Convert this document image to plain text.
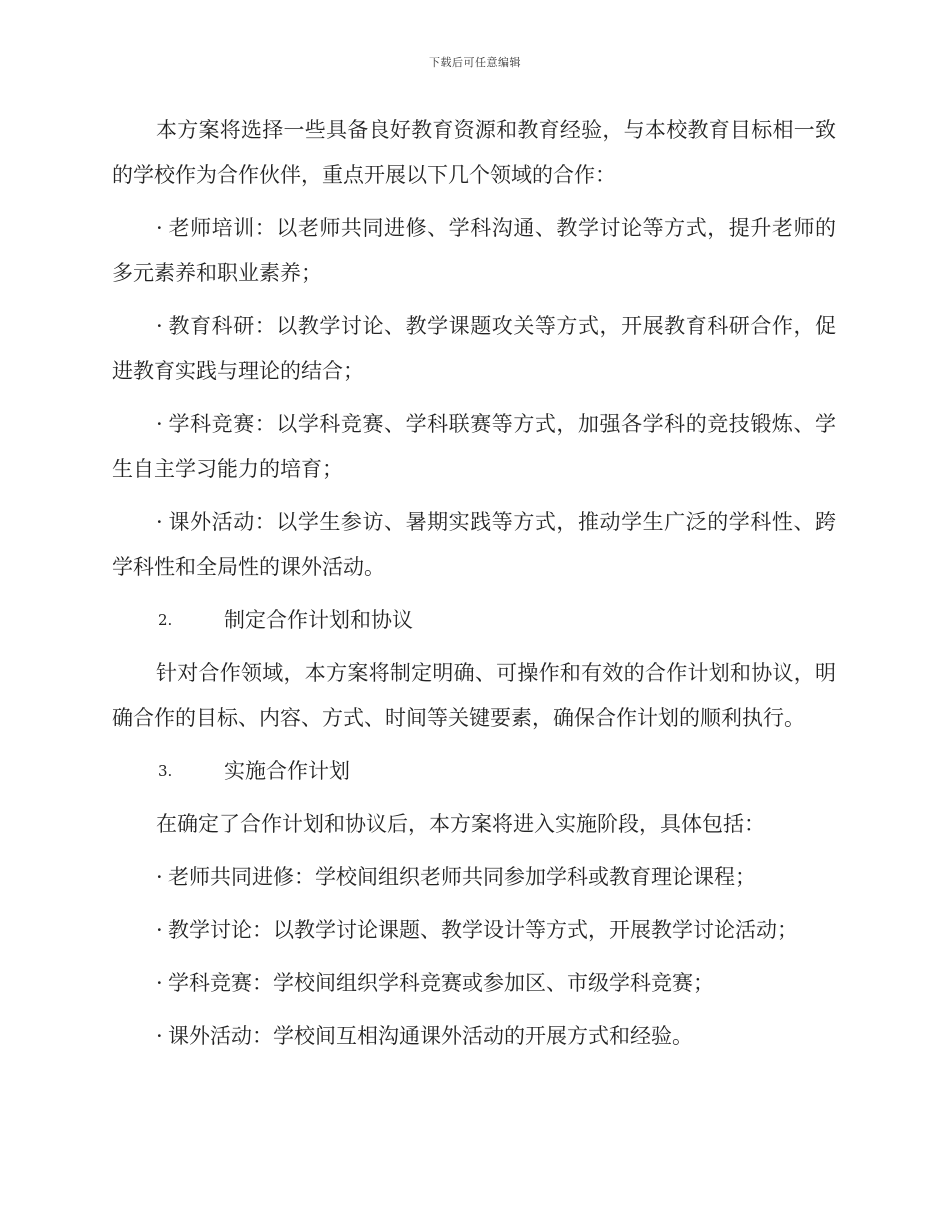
下载后可任意编辑

本方案将选择一些具备良好教育资源和教育经验，与本校教育目标相一致的学校作为合作伙伴，重点开展以下几个领域的合作：

· 老师培训：以老师共同进修、学科沟通、教学讨论等方式，提升老师的多元素养和职业素养；

· 教育科研：以教学讨论、教学课题攻关等方式，开展教育科研合作，促进教育实践与理论的结合；

· 学科竞赛：以学科竞赛、学科联赛等方式，加强各学科的竞技锻炼、学生自主学习能力的培育；

· 课外活动：以学生参访、暑期实践等方式，推动学生广泛的学科性、跨学科性和全局性的课外活动。

2.	制定合作计划和协议

针对合作领域，本方案将制定明确、可操作和有效的合作计划和协议，明确合作的目标、内容、方式、时间等关键要素，确保合作计划的顺利执行。

3.	实施合作计划

在确定了合作计划和协议后，本方案将进入实施阶段，具体包括：

· 老师共同进修：学校间组织老师共同参加学科或教育理论课程；
· 教学讨论：以教学讨论课题、教学设计等方式，开展教学讨论活动；
· 学科竞赛：学校间组织学科竞赛或参加区、市级学科竞赛；
· 课外活动：学校间互相沟通课外活动的开展方式和经验。
